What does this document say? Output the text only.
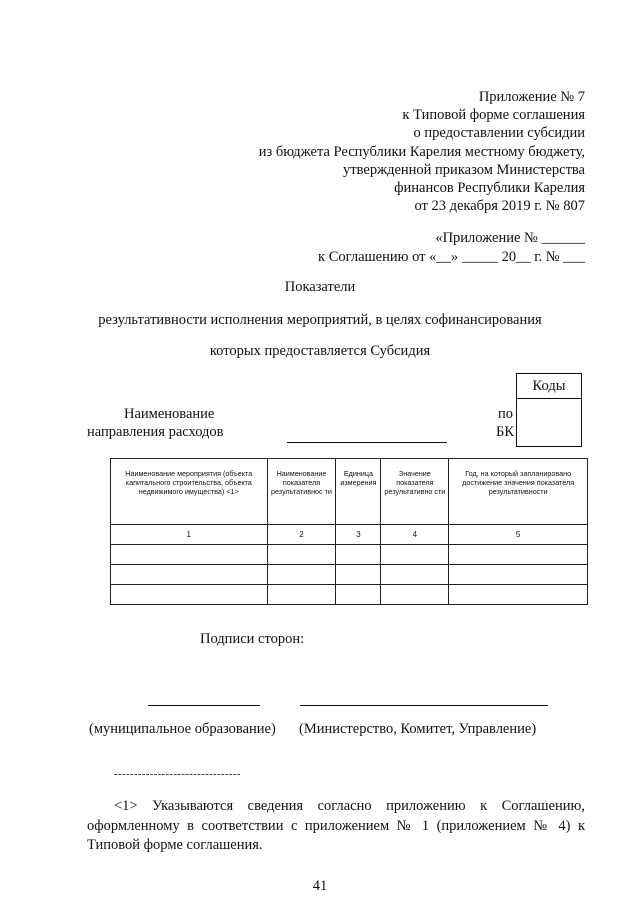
Приложение № 7
к Типовой форме соглашения
о предоставлении субсидии
из бюджета Республики Карелия местному бюджету,
утвержденной приказом Министерства
финансов Республики Карелия
от 23 декабря 2019 г. № 807
«Приложение № ______
к Соглашению от «__» _____ 20__ г. № ___
Показатели
результативности исполнения мероприятий, в целях софинансирования
которых предоставляется Субсидия
Коды
Наименование
направления расходов
по
БК
Наименование мероприятия (объекта капитального строительства, объекта недвижимого имущества) <1>	Наименование показателя результативнос ти	Единица измерения	Значение показателя результативно сти	Год, на который запланировано достижение значения показателя результативности
1	2	3	4	5

Подписи сторон:
(муниципальное образование) (Министерство, Комитет, Управление)
--------------------------------
<1> Указываются сведения согласно приложению к Соглашению, оформленному в соответствии с приложением № 1 (приложением № 4) к Типовой форме соглашения.
41
